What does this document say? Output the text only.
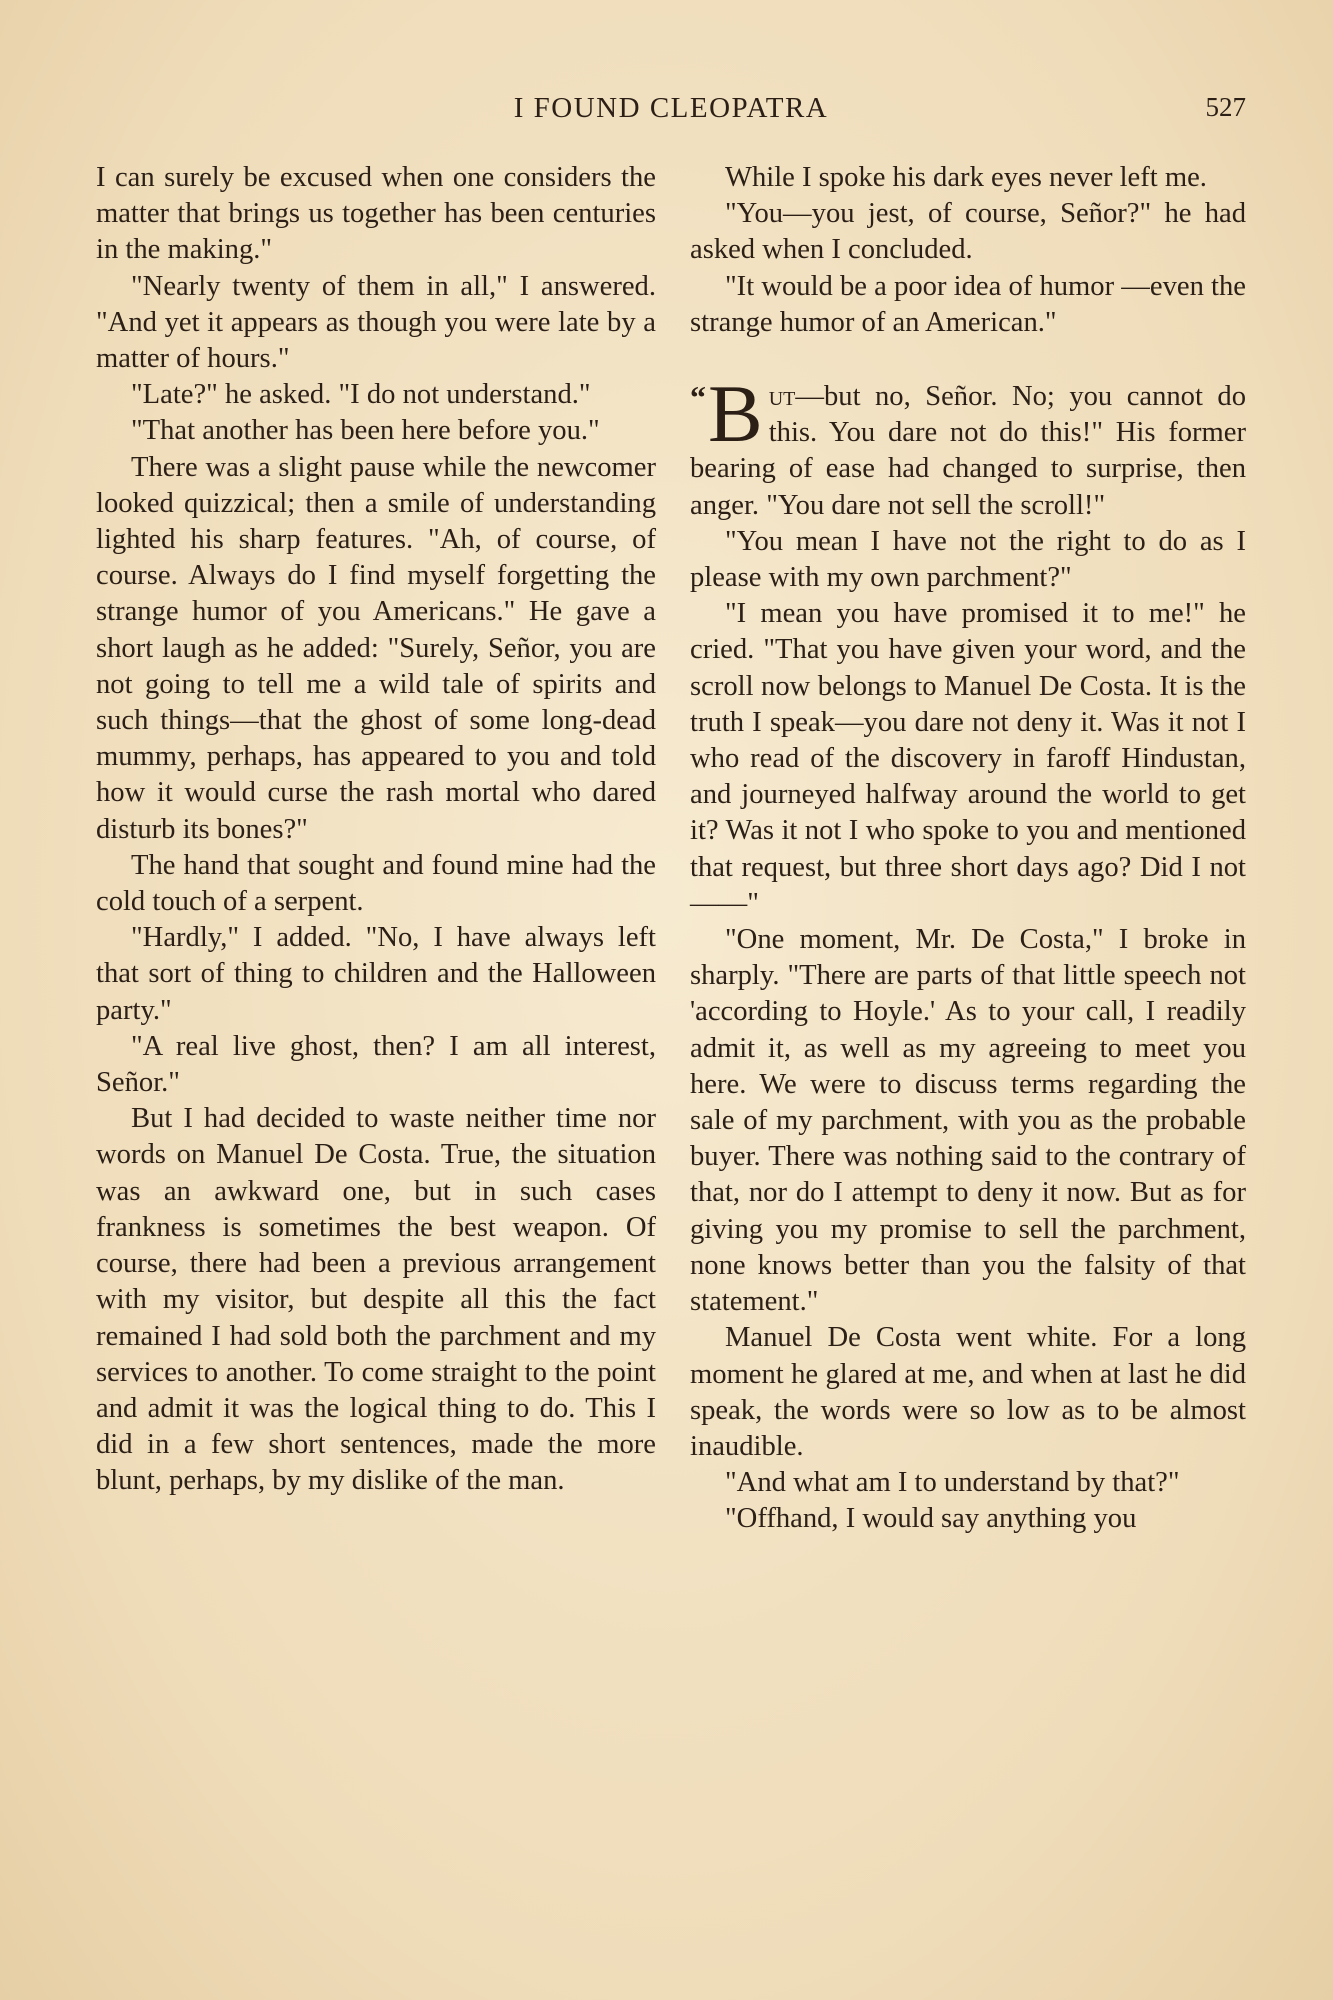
I FOUND CLEOPATRA	527

I can surely be excused when one considers the matter that brings us together has been centuries in the making."

"Nearly twenty of them in all," I answered. "And yet it appears as though you were late by a matter of hours."

"Late?" he asked. "I do not understand."

"That another has been here before you."

There was a slight pause while the newcomer looked quizzical; then a smile of understanding lighted his sharp features. "Ah, of course, of course. Always do I find myself forgetting the strange humor of you Americans." He gave a short laugh as he added: "Surely, Señor, you are not going to tell me a wild tale of spirits and such things—that the ghost of some long-dead mummy, perhaps, has appeared to you and told how it would curse the rash mortal who dared disturb its bones?"

The hand that sought and found mine had the cold touch of a serpent.

"Hardly," I added. "No, I have always left that sort of thing to children and the Halloween party."

"A real live ghost, then? I am all interest, Señor."

But I had decided to waste neither time nor words on Manuel De Costa. True, the situation was an awkward one, but in such cases frankness is sometimes the best weapon. Of course, there had been a previous arrangement with my visitor, but despite all this the fact remained I had sold both the parchment and my services to another. To come straight to the point and admit it was the logical thing to do. This I did in a few short sentences, made the more blunt, perhaps, by my dislike of the man.

While I spoke his dark eyes never left me.

"You—you jest, of course, Señor?" he had asked when I concluded.

"It would be a poor idea of humor —even the strange humor of an American."

“ B ut—but no, Señor. No; you cannot do this. You dare not do this!" His former bearing of ease had changed to surprise, then anger. "You dare not sell the scroll!"

"You mean I have not the right to do as I please with my own parchment?"

"I mean you have promised it to me!" he cried. "That you have given your word, and the scroll now belongs to Manuel De Costa. It is the truth I speak—you dare not deny it. Was it not I who read of the discovery in faroff Hindustan, and journeyed halfway around the world to get it? Was it not I who spoke to you and mentioned that request, but three short days ago? Did I not——"

"One moment, Mr. De Costa," I broke in sharply. "There are parts of that little speech not 'according to Hoyle.' As to your call, I readily admit it, as well as my agreeing to meet you here. We were to discuss terms regarding the sale of my parchment, with you as the probable buyer. There was nothing said to the contrary of that, nor do I attempt to deny it now. But as for giving you my promise to sell the parchment, none knows better than you the falsity of that statement."

Manuel De Costa went white. For a long moment he glared at me, and when at last he did speak, the words were so low as to be almost inaudible.

"And what am I to understand by that?"

"Offhand, I would say anything you
